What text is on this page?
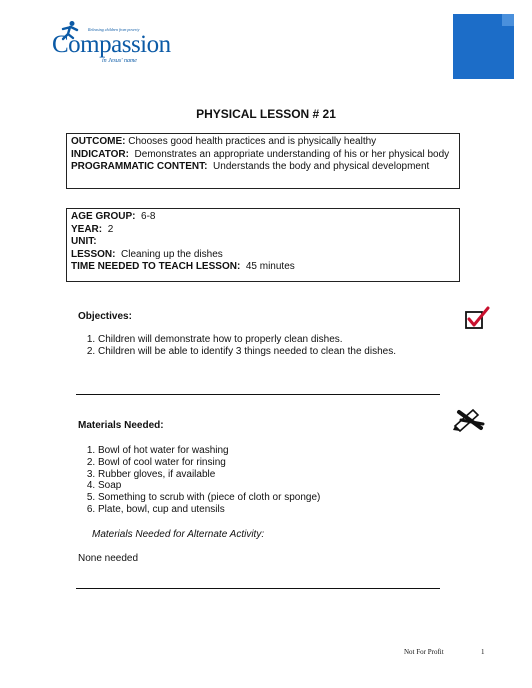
Releasing children from poverty
Compassion
in Jesus' name
PHYSICAL LESSON # 21
OUTCOME: Chooses good health practices and is physically healthy
INDICATOR: Demonstrates an appropriate understanding of his or her physical body
PROGRAMMATIC CONTENT: Understands the body and physical development
AGE GROUP: 6-8
YEAR: 2
UNIT:
LESSON: Cleaning up the dishes
TIME NEEDED TO TEACH LESSON: 45 minutes
Objectives:
1. Children will demonstrate how to properly clean dishes.
2. Children will be able to identify 3 things needed to clean the dishes.
Materials Needed:
1. Bowl of hot water for washing
2. Bowl of cool water for rinsing
3. Rubber gloves, if available
4. Soap
5. Something to scrub with (piece of cloth or sponge)
6. Plate, bowl, cup and utensils
Materials Needed for Alternate Activity:
None needed
Not For Profit	1
